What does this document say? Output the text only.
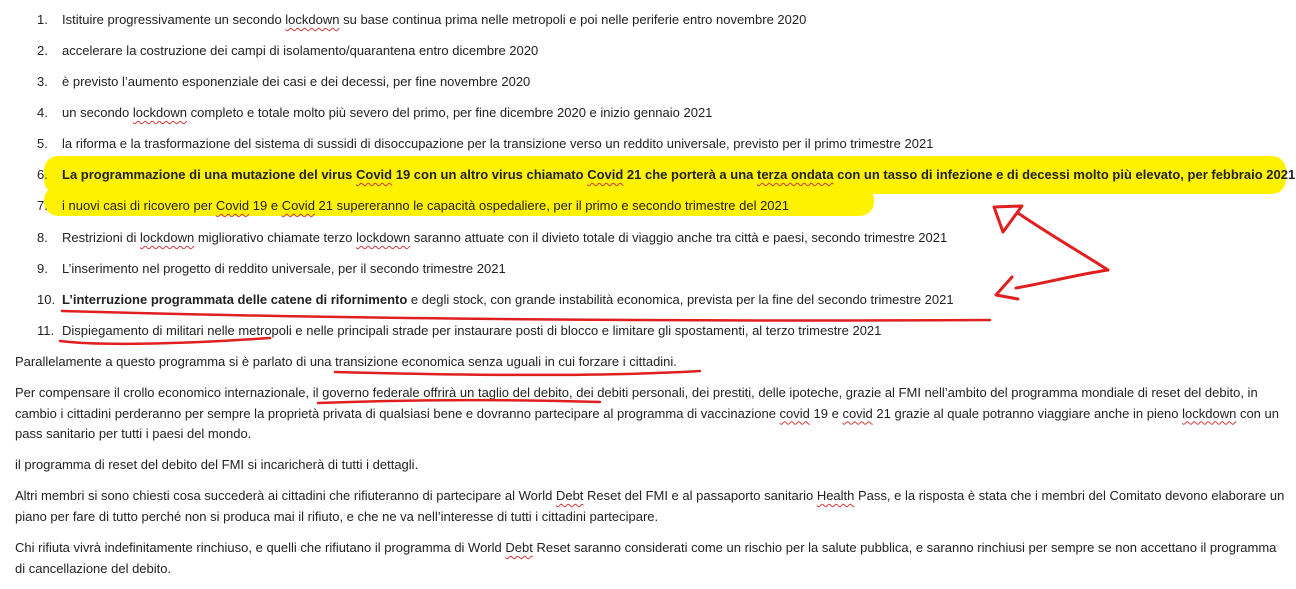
1.	Istituire progressivamente un secondo lockdown su base continua prima nelle metropoli e poi nelle periferie entro novembre 2020
2.	accelerare la costruzione dei campi di isolamento/quarantena entro dicembre 2020
3.	è previsto l’aumento esponenziale dei casi e dei decessi, per fine novembre 2020
4.	un secondo lockdown completo e totale molto più severo del primo, per fine dicembre 2020 e inizio gennaio 2021
5.	la riforma e la trasformazione del sistema di sussidi di disoccupazione per la transizione verso un reddito universale, previsto per il primo trimestre 2021
6.	La programmazione di una mutazione del virus Covid 19 con un altro virus chiamato Covid 21 che porterà a una terza ondata con un tasso di infezione e di decessi molto più elevato, per febbraio 2021
7.	i nuovi casi di ricovero per Covid 19 e Covid 21 supereranno le capacità ospedaliere, per il primo e secondo trimestre del 2021
8.	Restrizioni di lockdown migliorativo chiamate terzo lockdown saranno attuate con il divieto totale di viaggio anche tra città e paesi, secondo trimestre 2021
9.	L’inserimento nel progetto di reddito universale, per il secondo trimestre 2021
10. L’interruzione programmata delle catene di rifornimento e degli stock, con grande instabilità economica, prevista per la fine del secondo trimestre 2021
11. Dispiegamento di militari nelle metropoli e nelle principali strade per instaurare posti di blocco e limitare gli spostamenti, al terzo trimestre 2021

Parallelamente a questo programma si è parlato di una transizione economica senza uguali in cui forzare i cittadini.

Per compensare il crollo economico internazionale, il governo federale offrirà un taglio del debito, dei debiti personali, dei prestiti, delle ipoteche, grazie al FMI nell’ambito del programma mondiale di reset del debito, in cambio i cittadini perderanno per sempre la proprietà privata di qualsiasi bene e dovranno partecipare al programma di vaccinazione covid 19 e covid 21 grazie al quale potranno viaggiare anche in pieno lockdown con un pass sanitario per tutti i paesi del mondo.

il programma di reset del debito del FMI si incaricherà di tutti i dettagli.

Altri membri si sono chiesti cosa succederà ai cittadini che rifiuteranno di partecipare al World Debt Reset del FMI e al passaporto sanitario Health Pass, e la risposta è stata che i membri del Comitato devono elaborare un piano per fare di tutto perché non si produca mai il rifiuto, e che ne va nell’interesse di tutti i cittadini partecipare.

Chi rifiuta vivrà indefinitamente rinchiuso, e quelli che rifiutano il programma di World Debt Reset saranno considerati come un rischio per la salute pubblica, e saranno rinchiusi per sempre se non accettano il programma di cancellazione del debito.
